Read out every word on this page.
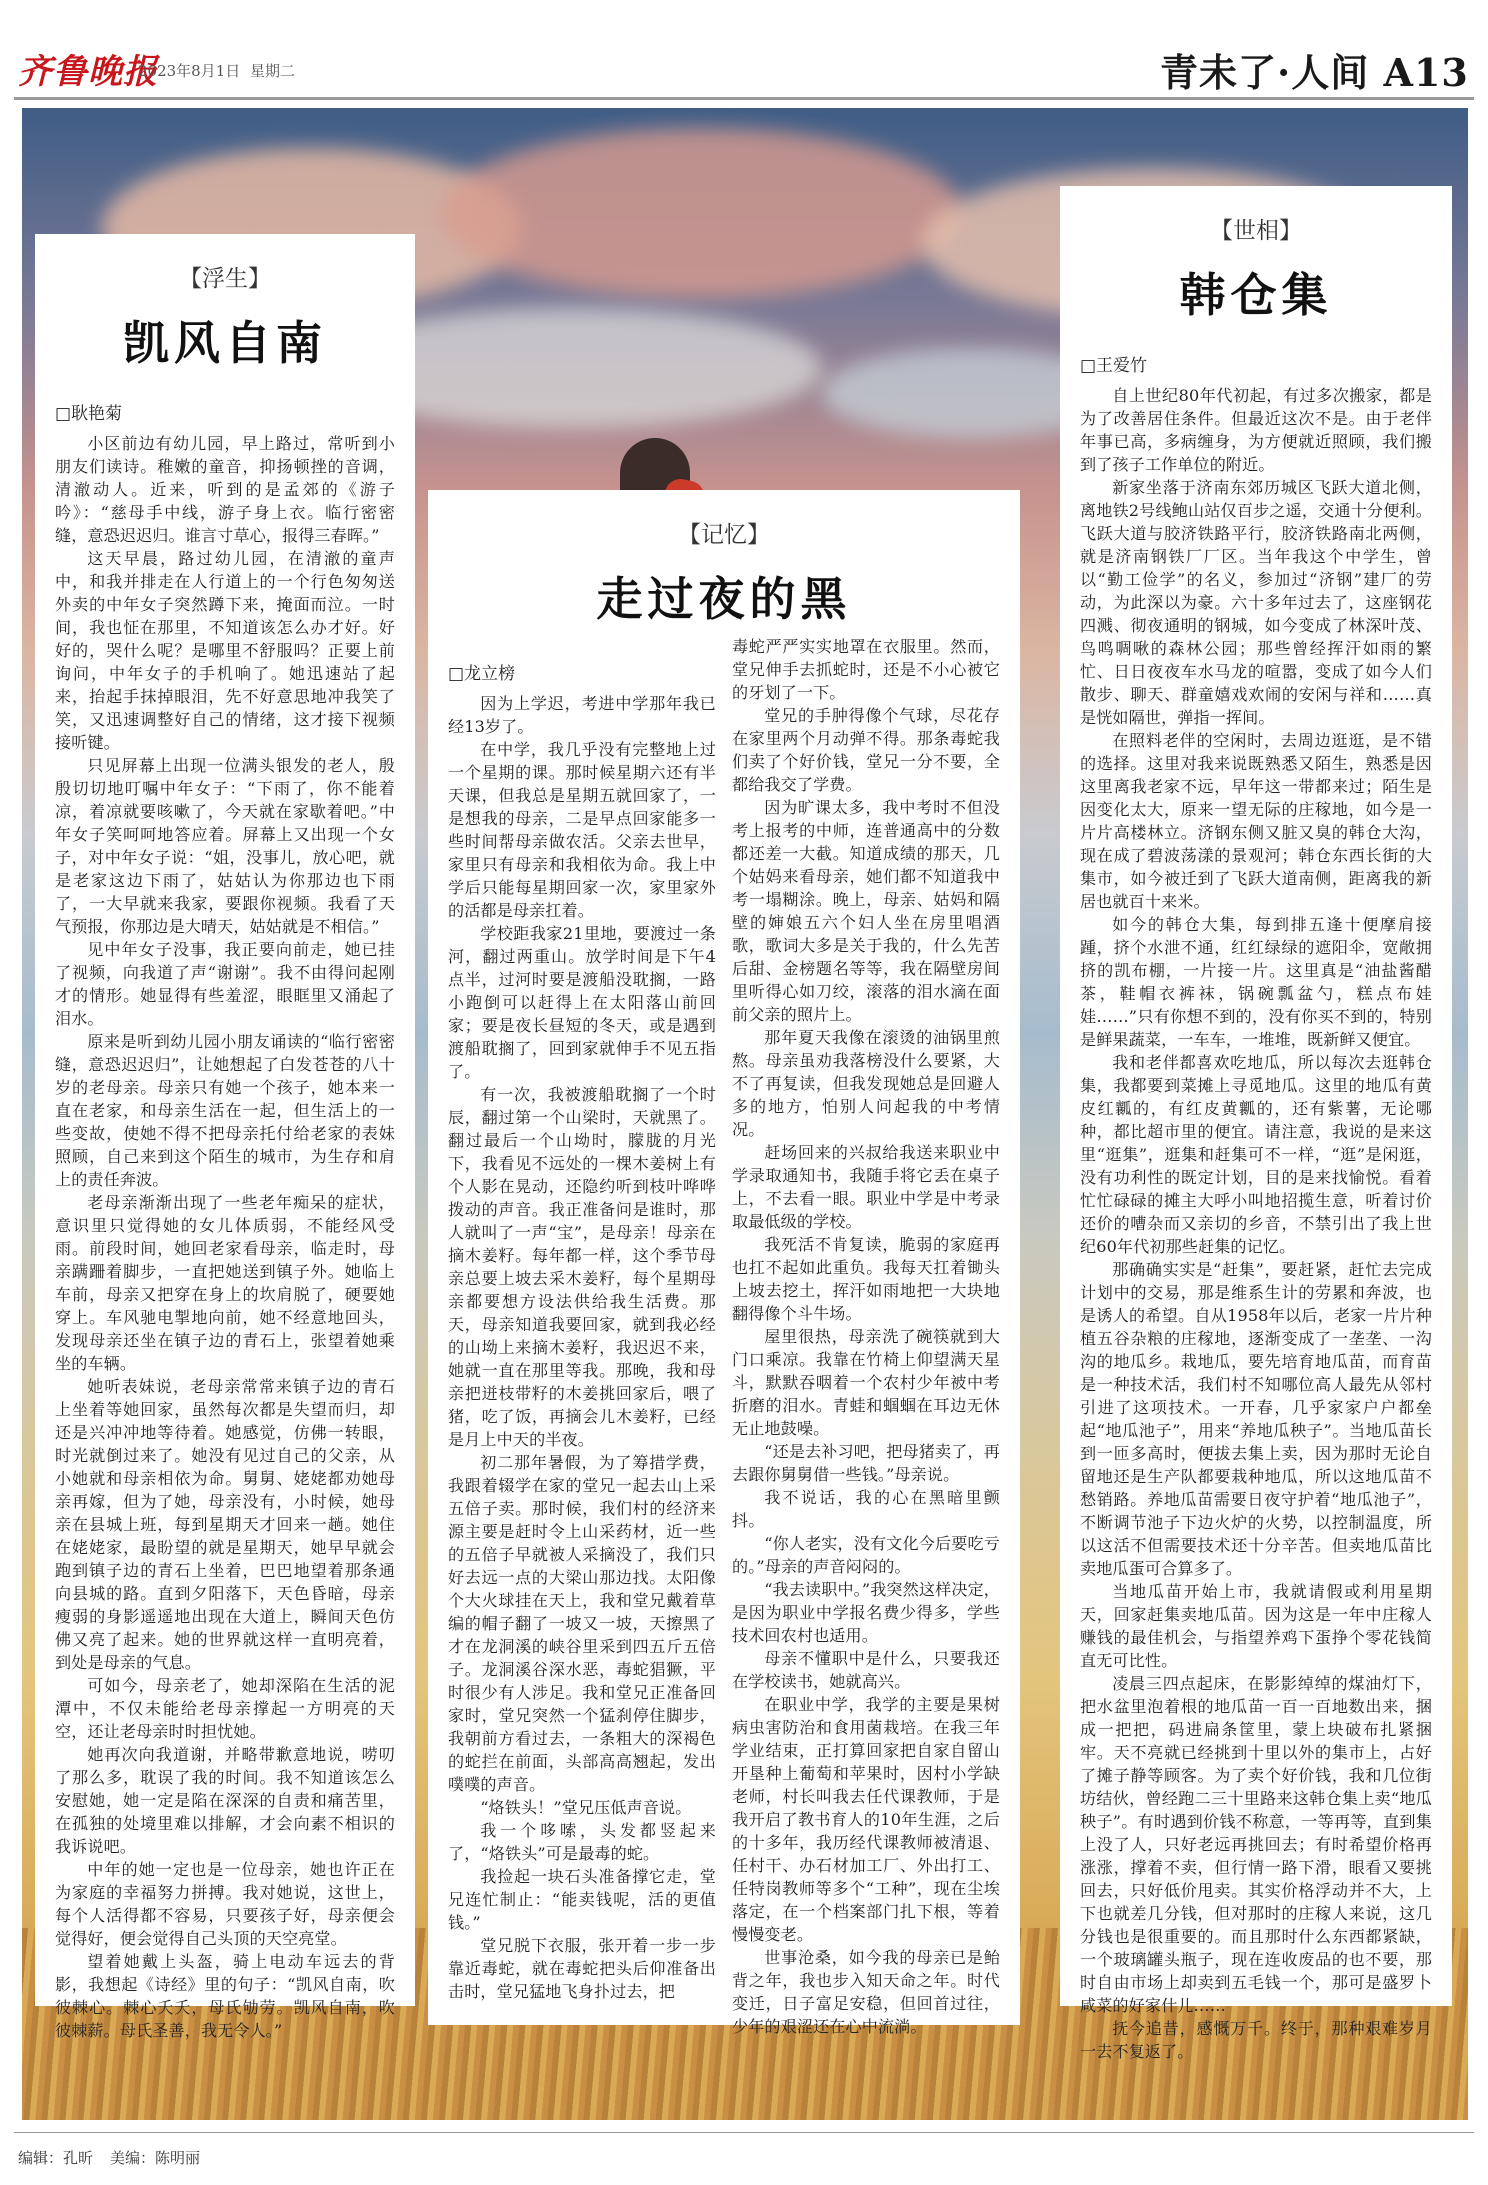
齐鲁晚报
2023年8月1日 星期二	青未了·人间 A13
【浮生】
凯风自南
□耿艳菊

小区前边有幼儿园，早上路过，常听到小朋友们读诗。稚嫩的童音，抑扬顿挫的音调，清澈动人。近来，听到的是孟郊的《游子吟》：“慈母手中线，游子身上衣。临行密密缝，意恐迟迟归。谁言寸草心，报得三春晖。”

这天早晨，路过幼儿园，在清澈的童声中，和我并排走在人行道上的一个行色匆匆送外卖的中年女子突然蹲下来，掩面而泣。一时间，我也怔在那里，不知道该怎么办才好。好好的，哭什么呢？是哪里不舒服吗？正要上前询问，中年女子的手机响了。她迅速站了起来，抬起手抹掉眼泪，先不好意思地冲我笑了笑，又迅速调整好自己的情绪，这才接下视频接听键。

只见屏幕上出现一位满头银发的老人，殷殷切切地叮嘱中年女子：“下雨了，你不能着凉，着凉就要咳嗽了，今天就在家歇着吧。”中年女子笑呵呵地答应着。屏幕上又出现一个女子，对中年女子说：“姐，没事儿，放心吧，就是老家这边下雨了，姑姑认为你那边也下雨了，一大早就来我家，要跟你视频。我看了天气预报，你那边是大晴天，姑姑就是不相信。”

见中年女子没事，我正要向前走，她已挂了视频，向我道了声“谢谢”。我不由得问起刚才的情形。她显得有些羞涩，眼眶里又涌起了泪水。

原来是听到幼儿园小朋友诵读的“临行密密缝，意恐迟迟归”，让她想起了白发苍苍的八十岁的老母亲。母亲只有她一个孩子，她本来一直在老家，和母亲生活在一起，但生活上的一些变故，使她不得不把母亲托付给老家的表妹照顾，自己来到这个陌生的城市，为生存和肩上的责任奔波。

老母亲渐渐出现了一些老年痴呆的症状，意识里只觉得她的女儿体质弱，不能经风受雨。前段时间，她回老家看母亲，临走时，母亲蹒跚着脚步，一直把她送到镇子外。她临上车前，母亲又把穿在身上的坎肩脱了，硬要她穿上。车风驰电掣地向前，她不经意地回头，发现母亲还坐在镇子边的青石上，张望着她乘坐的车辆。

她听表妹说，老母亲常常来镇子边的青石上坐着等她回家，虽然每次都是失望而归，却还是兴冲冲地等待着。她感觉，仿佛一转眼，时光就倒过来了。她没有见过自己的父亲，从小她就和母亲相依为命。舅舅、姥姥都劝她母亲再嫁，但为了她，母亲没有，小时候，她母亲在县城上班，每到星期天才回来一趟。她住在姥姥家，最盼望的就是星期天，她早早就会跑到镇子边的青石上坐着，巴巴地望着那条通向县城的路。直到夕阳落下，天色昏暗，母亲瘦弱的身影遥遥地出现在大道上，瞬间天色仿佛又亮了起来。她的世界就这样一直明亮着，到处是母亲的气息。

可如今，母亲老了，她却深陷在生活的泥潭中，不仅未能给老母亲撑起一方明亮的天空，还让老母亲时时担忧她。

她再次向我道谢，并略带歉意地说，唠叨了那么多，耽误了我的时间。我不知道该怎么安慰她，她一定是陷在深深的自责和痛苦里，在孤独的处境里难以排解，才会向素不相识的我诉说吧。

中年的她一定也是一位母亲，她也许正在为家庭的幸福努力拼搏。我对她说，这世上，每个人活得都不容易，只要孩子好，母亲便会觉得好，便会觉得自己头顶的天空亮堂。

望着她戴上头盔，骑上电动车远去的背影，我想起《诗经》里的句子：“凯风自南，吹彼棘心。棘心夭夭，母氏劬劳。凯风自南，吹彼棘薪。母氏圣善，我无令人。”

【记忆】
走过夜的黑
□龙立榜

因为上学迟，考进中学那年我已经13岁了。

在中学，我几乎没有完整地上过一个星期的课。那时候星期六还有半天课，但我总是星期五就回家了，一是想我的母亲，二是早点回家能多一些时间帮母亲做农活。父亲去世早，家里只有母亲和我相依为命。我上中学后只能每星期回家一次，家里家外的活都是母亲扛着。

学校距我家21里地，要渡过一条河，翻过两重山。放学时间是下午4点半，过河时要是渡船没耽搁，一路小跑倒可以赶得上在太阳落山前回家；要是夜长昼短的冬天，或是遇到渡船耽搁了，回到家就伸手不见五指了。

有一次，我被渡船耽搁了一个时辰，翻过第一个山梁时，天就黑了。翻过最后一个山坳时，朦胧的月光下，我看见不远处的一棵木姜树上有个人影在晃动，还隐约听到枝叶哗哗拨动的声音。我正准备问是谁时，那人就叫了一声“宝”，是母亲！母亲在摘木姜籽。每年都一样，这个季节母亲总要上坡去采木姜籽，每个星期母亲都要想方设法供给我生活费。那天，母亲知道我要回家，就到我必经的山坳上来摘木姜籽，我迟迟不来，她就一直在那里等我。那晚，我和母亲把迸枝带籽的木姜挑回家后，喂了猪，吃了饭，再摘会儿木姜籽，已经是月上中天的半夜。

初二那年暑假，为了筹措学费，我跟着辍学在家的堂兄一起去山上采五倍子卖。那时候，我们村的经济来源主要是赶时令上山采药材，近一些的五倍子早就被人采摘没了，我们只好去远一点的大梁山那边找。太阳像个大火球挂在天上，我和堂兄戴着草编的帽子翻了一坡又一坡，天擦黑了才在龙洞溪的峡谷里采到四五斤五倍子。龙洞溪谷深水恶，毒蛇猖獗，平时很少有人涉足。我和堂兄正准备回家时，堂兄突然一个猛刹停住脚步，我朝前方看过去，一条粗大的深褐色的蛇拦在前面，头部高高翘起，发出噗噗的声音。

“烙铁头！”堂兄压低声音说。

我一个哆嗦，头发都竖起来了，“烙铁头”可是最毒的蛇。

我捡起一块石头准备撑它走，堂兄连忙制止：“能卖钱呢，活的更值钱。”

堂兄脱下衣服，张开着一步一步靠近毒蛇，就在毒蛇把头后仰准备出击时，堂兄猛地飞身扑过去，把

毒蛇严严实实地罩在衣服里。然而，堂兄伸手去抓蛇时，还是不小心被它的牙划了一下。

堂兄的手肿得像个气球，尽花存在家里两个月动弹不得。那条毒蛇我们卖了个好价钱，堂兄一分不要，全都给我交了学费。

因为旷课太多，我中考时不但没考上报考的中师，连普通高中的分数都还差一大截。知道成绩的那天，几个姑妈来看母亲，她们都不知道我中考一塌糊涂。晚上，母亲、姑妈和隔壁的婶娘五六个妇人坐在房里唱酒歌，歌词大多是关于我的，什么先苦后甜、金榜题名等等，我在隔壁房间里听得心如刀绞，滚落的泪水滴在面前父亲的照片上。

那年夏天我像在滚烫的油锅里煎熬。母亲虽劝我落榜没什么要紧，大不了再复读，但我发现她总是回避人多的地方，怕别人问起我的中考情况。

赶场回来的兴叔给我送来职业中学录取通知书，我随手将它丢在桌子上，不去看一眼。职业中学是中考录取最低级的学校。

我死活不肯复读，脆弱的家庭再也扛不起如此重负。我每天扛着锄头上坡去挖土，挥汗如雨地把一大块地翻得像个斗牛场。

屋里很热，母亲洗了碗筷就到大门口乘凉。我靠在竹椅上仰望满天星斗，默默吞咽着一个农村少年被中考折磨的泪水。青蛙和蝈蝈在耳边无休无止地鼓噪。

“还是去补习吧，把母猪卖了，再去跟你舅舅借一些钱。”母亲说。

我不说话，我的心在黑暗里颤抖。

“你人老实，没有文化今后要吃亏的。”母亲的声音闷闷的。

“我去读职中。”我突然这样决定，是因为职业中学报名费少得多，学些技术回农村也适用。

母亲不懂职中是什么，只要我还在学校读书，她就高兴。

在职业中学，我学的主要是果树病虫害防治和食用菌栽培。在我三年学业结束，正打算回家把自家自留山开垦种上葡萄和苹果时，因村小学缺老师，村长叫我去任代课教师，于是我开启了教书育人的10年生涯，之后的十多年，我历经代课教师被清退、任村干、办石材加工厂、外出打工、任特岗教师等多个“工种”，现在尘埃落定，在一个档案部门扎下根，等着慢慢变老。

世事沧桑，如今我的母亲已是鲐背之年，我也步入知天命之年。时代变迁，日子富足安稳，但回首过往，少年的艰涩还在心中流淌。

【世相】
韩仓集
□王爱竹

自上世纪80年代初起，有过多次搬家，都是为了改善居住条件。但最近这次不是。由于老伴年事已高，多病缠身，为方便就近照顾，我们搬到了孩子工作单位的附近。

新家坐落于济南东郊历城区飞跃大道北侧，离地铁2号线鲍山站仅百步之遥，交通十分便利。飞跃大道与胶济铁路平行，胶济铁路南北两侧，就是济南钢铁厂厂区。当年我这个中学生，曾以“勤工俭学”的名义，参加过“济钢”建厂的劳动，为此深以为豪。六十多年过去了，这座钢花四溅、彻夜通明的钢城，如今变成了林深叶茂、鸟鸣啁啾的森林公园；那些曾经挥汗如雨的繁忙、日日夜夜车水马龙的喧嚣，变成了如今人们散步、聊天、群童嬉戏欢闹的安闲与祥和……真是恍如隔世，弹指一挥间。

在照料老伴的空闲时，去周边逛逛，是不错的选择。这里对我来说既熟悉又陌生，熟悉是因这里离我老家不远，早年这一带都来过；陌生是因变化太大，原来一望无际的庄稼地，如今是一片片高楼林立。济钢东侧又脏又臭的韩仓大沟，现在成了碧波荡漾的景观河；韩仓东西长街的大集市，如今被迁到了飞跃大道南侧，距离我的新居也就百十来米。

如今的韩仓大集，每到排五逢十便摩肩接踵，挤个水泄不通，红红绿绿的遮阳伞，宽敞拥挤的凯布棚，一片接一片。这里真是“油盐酱醋茶，鞋帽衣裤袜，锅碗瓢盆勺，糕点布娃娃……”只有你想不到的，没有你买不到的，特别是鲜果蔬菜，一车车，一堆堆，既新鲜又便宜。

我和老伴都喜欢吃地瓜，所以每次去逛韩仓集，我都要到菜摊上寻觅地瓜。这里的地瓜有黄皮红瓤的，有红皮黄瓤的，还有紫薯，无论哪种，都比超市里的便宜。请注意，我说的是来这里“逛集”，逛集和赶集可不一样，“逛”是闲逛，没有功利性的既定计划，目的是来找愉悦。看着忙忙碌碌的摊主大呼小叫地招揽生意，听着讨价还价的嘈杂而又亲切的乡音，不禁引出了我上世纪60年代初那些赶集的记忆。

那确确实实是“赶集”，要赶紧，赶忙去完成计划中的交易，那是维系生计的劳累和奔波，也是诱人的希望。自从1958年以后，老家一片片种植五谷杂粮的庄稼地，逐渐变成了一垄垄、一沟沟的地瓜乡。栽地瓜，要先培育地瓜苗，而育苗是一种技术活，我们村不知哪位高人最先从邻村引进了这项技术。一开春，几乎家家户户都垒起“地瓜池子”，用来“养地瓜秧子”。当地瓜苗长到一匝多高时，便拔去集上卖，因为那时无论自留地还是生产队都要栽种地瓜，所以这地瓜苗不愁销路。养地瓜苗需要日夜守护着“地瓜池子”，不断调节池子下边火炉的火势，以控制温度，所以这活不但需要技术还十分辛苦。但卖地瓜苗比卖地瓜蛋可合算多了。

当地瓜苗开始上市，我就请假或利用星期天，回家赶集卖地瓜苗。因为这是一年中庄稼人赚钱的最佳机会，与指望养鸡下蛋挣个零花钱简直无可比性。

凌晨三四点起床，在影影绰绰的煤油灯下，把水盆里泡着根的地瓜苗一百一百地数出来，捆成一把把，码进扁条筐里，蒙上块破布扎紧捆牢。天不亮就已经挑到十里以外的集市上，占好了摊子静等顾客。为了卖个好价钱，我和几位街坊结伙，曾经跑二三十里路来这韩仓集上卖“地瓜秧子”。有时遇到价钱不称意，一等再等，直到集上没了人，只好老远再挑回去；有时希望价格再涨涨，撑着不卖，但行情一路下滑，眼看又要挑回去，只好低价甩卖。其实价格浮动并不大，上下也就差几分钱，但对那时的庄稼人来说，这几分钱也是很重要的。而且那时什么东西都紧缺，一个玻璃罐头瓶子，现在连收废品的也不要，那时自由市场上却卖到五毛钱一个，那可是盛罗卜咸菜的好家什儿……

抚今追昔，感慨万千。终于，那种艰难岁月一去不复返了。

编辑：孔昕 美编：陈明丽
